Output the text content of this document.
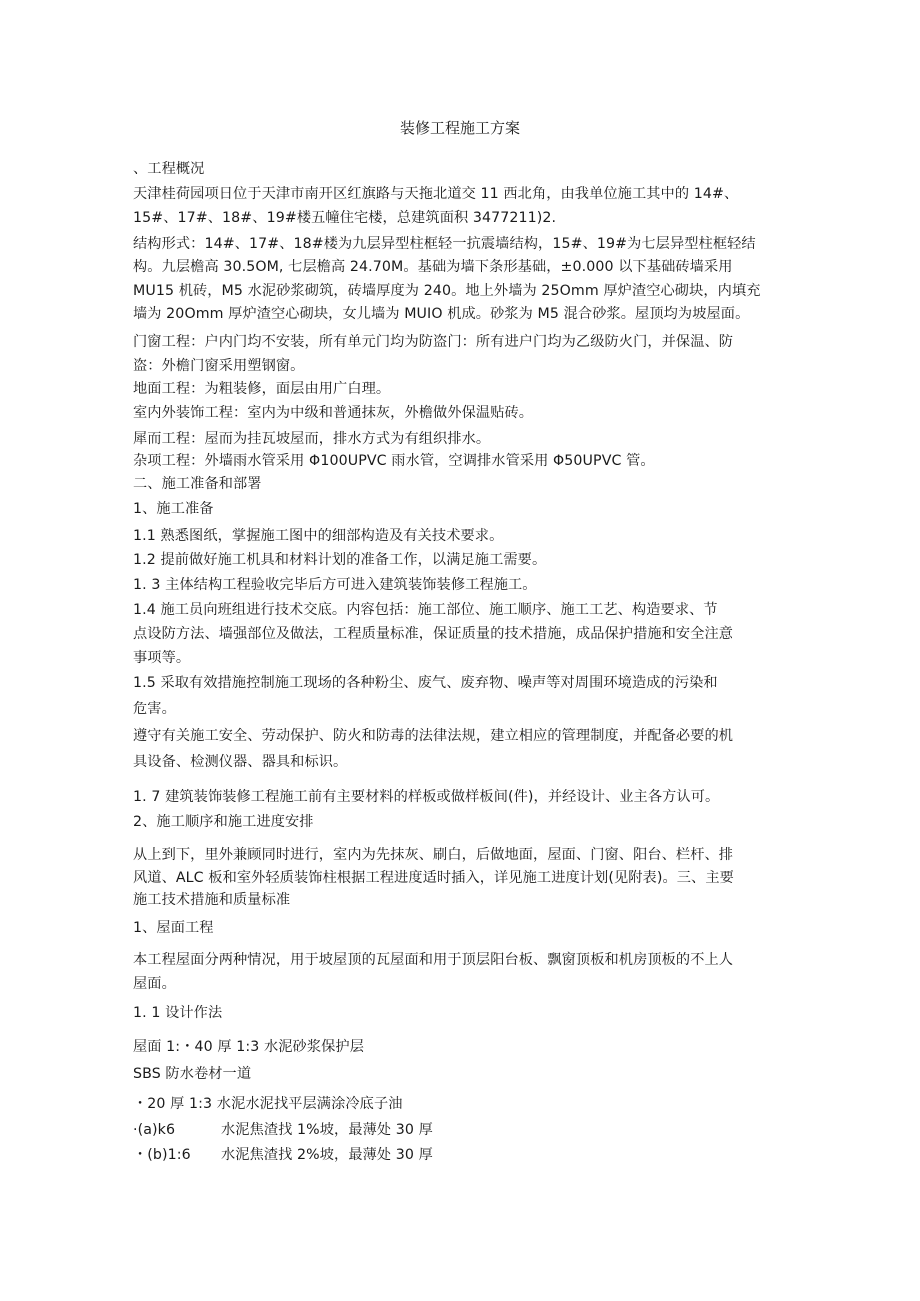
装修工程施工方案
、工程概况
天津桂荷园项日位于天津市南开区红旗路与天拖北道交 11 西北角，由我单位施工其中的 14#、
15#、17#、18#、19#楼五幢住宅楼，总建筑面积 3477211)2.
结构形式：14#、17#、18#楼为九层异型柱框轻一抗震墙结构，15#、19#为七层异型柱框轻结
构。九层檐高 30.5OM, 七层檐高 24.70M。基础为墙下条形基础，±0.000 以下基础砖墙采用
MU15 机砖，M5 水泥砂浆砌筑，砖墙厚度为 240。地上外墙为 25Omm 厚炉渣空心砌块，内填充
墙为 20Omm 厚炉渣空心砌块，女儿墙为 MUIO 机成。砂浆为 M5 混合砂浆。屋顶均为坡屋面。
门窗工程：户内门均不安装，所有单元门均为防盗门：所有进户门均为乙级防火门，并保温、防
盗：外檐门窗采用塑钢窗。
地面工程：为粗装修，面层由用广白理。
室内外装饰工程：室内为中级和普通抹灰，外檐做外保温贴砖。
犀而工程：屋而为挂瓦坡屋而，排水方式为有组织排水。
杂项工程：外墙雨水管采用 Φ100UPVC 雨水管，空调排水管采用 Φ50UPVC 管。
二、施工准备和部署
1、施工准备
1.1 熟悉图纸，掌握施工图中的细部构造及有关技术要求。
1.2 提前做好施工机具和材料计划的准备工作，以满足施工需要。
1. 3 主体结构工程验收完毕后方可进入建筑装饰装修工程施工。
1.4 施工员向班组进行技术交底。内容包括：施工部位、施工顺序、施工工艺、构造要求、节
点设防方法、墙强部位及做法，工程质量标准，保证质量的技术措施，成品保护措施和安全注意
事项等。
1.5 采取有效措施控制施工现场的各种粉尘、废气、废弃物、噪声等对周围环境造成的污染和
危害。
遵守有关施工安全、劳动保护、防火和防毒的法律法规，建立相应的管理制度，并配备必要的机
具设备、检测仪器、器具和标识。
1. 7 建筑装饰装修工程施工前有主要材料的样板或做样板间(件)，并经设计、业主各方认可。
2、施工顺序和施工进度安排
从上到下，里外兼顾同时进行，室内为先抹灰、刷白，后做地面，屋面、门窗、阳台、栏杆、排
风道、ALC 板和室外轻质装饰柱根据工程进度适时插入，详见施工进度计划(见附表)。三、主要
施工技术措施和质量标准
1、屋面工程
本工程屋面分两种情况，用于坡屋顶的瓦屋面和用于顶层阳台板、飘窗顶板和机房顶板的不上人
屋面。
1. 1 设计作法
屋面 1:・40 厚 1:3 水泥砂浆保护层
SBS 防水卷材一道
・20 厚 1:3 水泥水泥找平层满涂冷底子油
·(a)k6	水泥焦渣找 1%坡，最薄处 30 厚
・(b)1:6 水泥焦渣找 2%坡，最薄处 30 厚
